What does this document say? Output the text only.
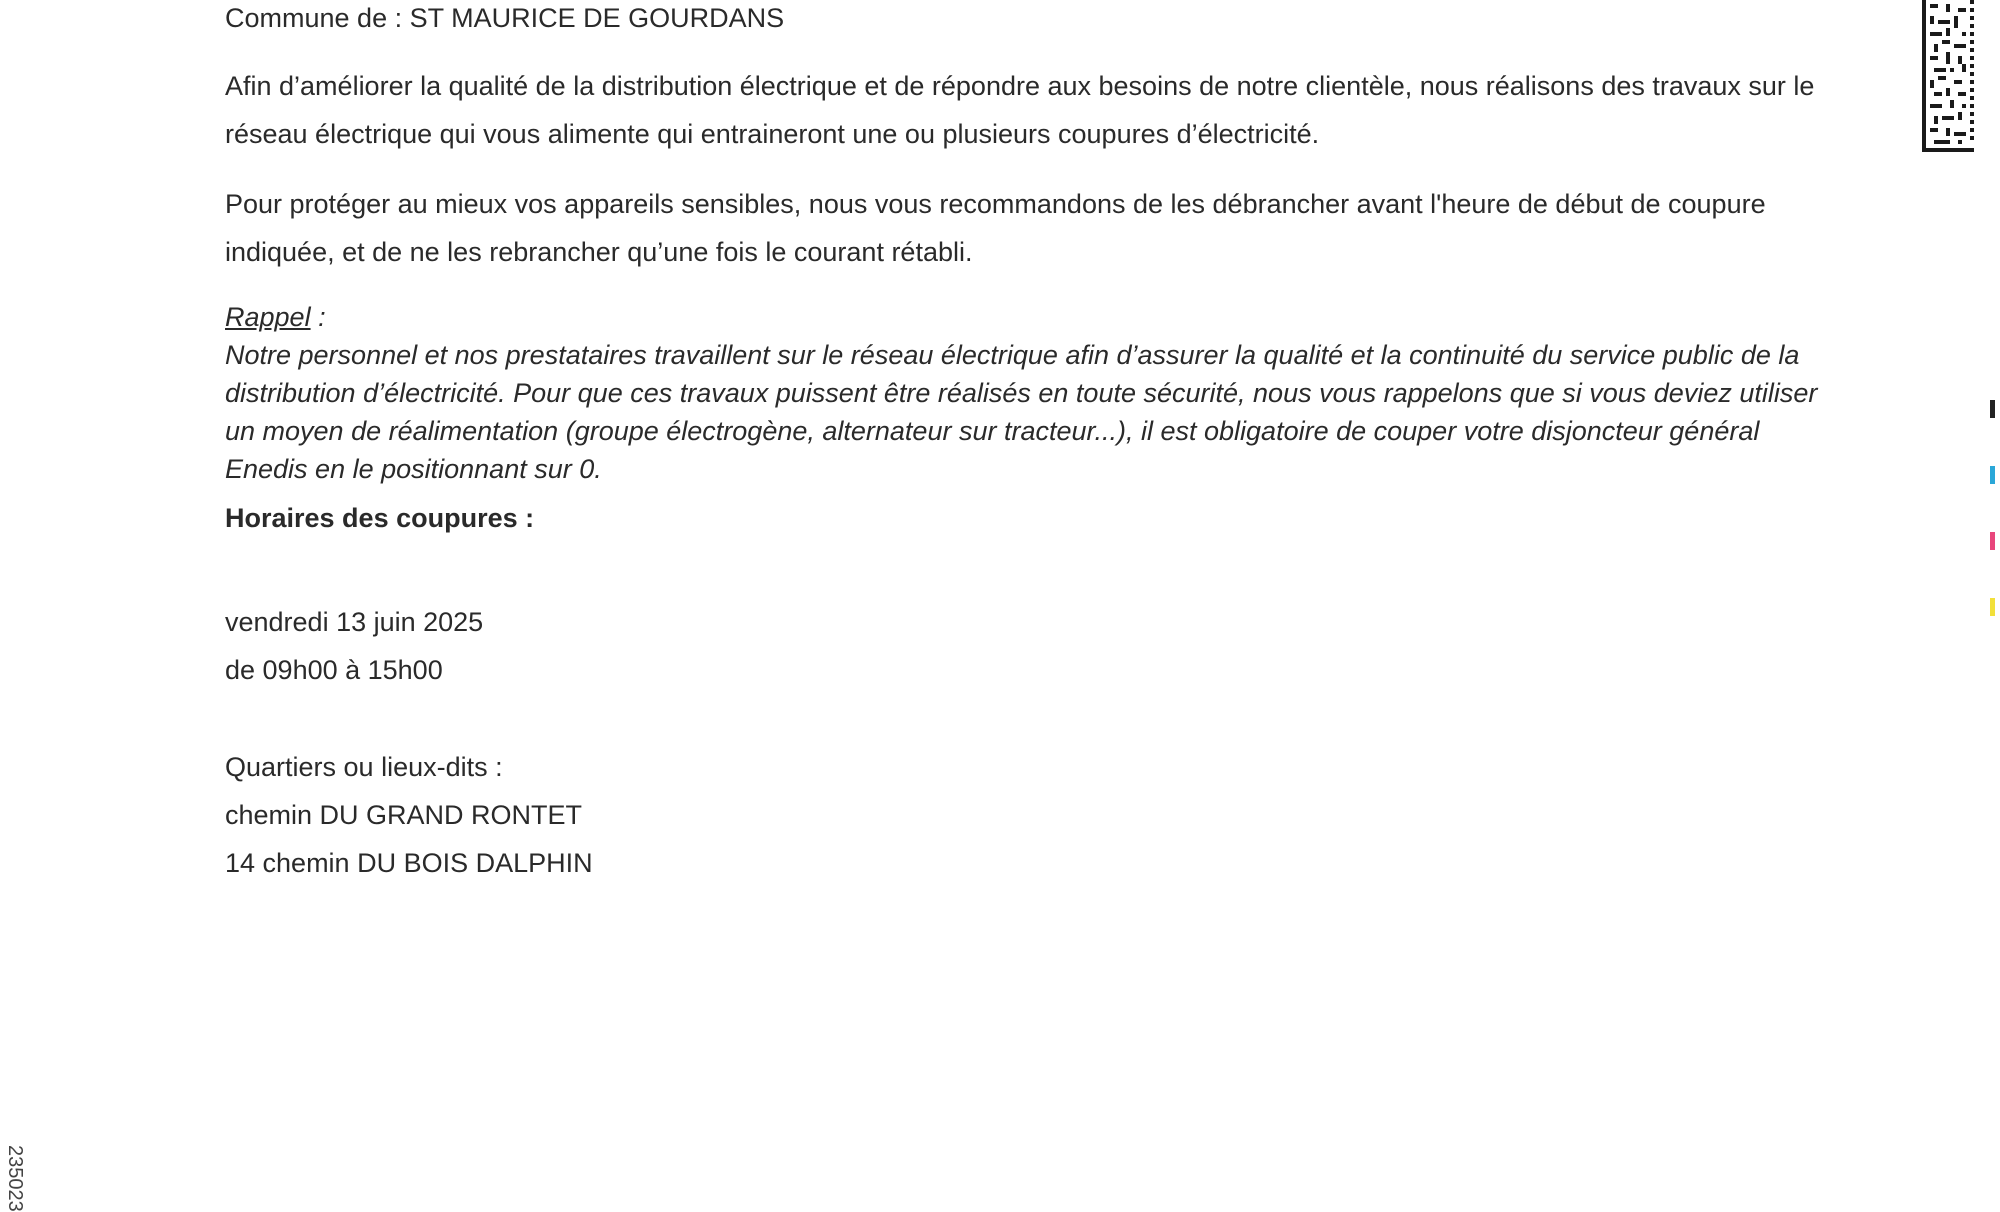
Commune de : ST MAURICE DE GOURDANS
Afin d’améliorer la qualité de la distribution électrique et de répondre aux besoins de notre clientèle, nous réalisons des travaux sur le réseau électrique qui vous alimente qui entraineront une ou plusieurs coupures d’électricité.
Pour protéger au mieux vos appareils sensibles, nous vous recommandons de les débrancher avant l'heure de début de coupure indiquée, et de ne les rebrancher qu’une fois le courant rétabli.
Rappel :
Notre personnel et nos prestataires travaillent sur le réseau électrique afin d’assurer la qualité et la continuité du service public de la distribution d’électricité. Pour que ces travaux puissent être réalisés en toute sécurité, nous vous rappelons que si vous deviez utiliser un moyen de réalimentation (groupe électrogène, alternateur sur tracteur...), il est obligatoire de couper votre disjoncteur général Enedis en le positionnant sur 0.
Horaires des coupures :
vendredi 13 juin 2025
de 09h00 à 15h00
Quartiers ou lieux-dits :
chemin DU GRAND RONTET
14 chemin DU BOIS DALPHIN
235023
